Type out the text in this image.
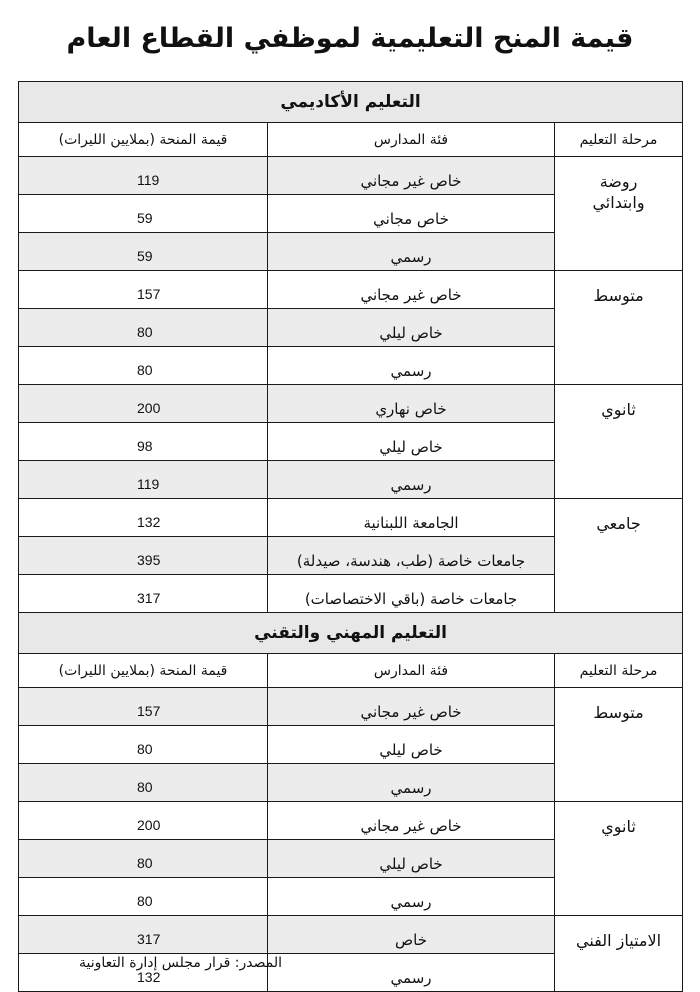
قيمة المنح التعليمية لموظفي القطاع العام
التعليم الأكاديمي		
مرحلة التعليم	فئة المدارس	قيمة المنحة (بملايين الليرات)

روضة
وابتدائي	خاص غير مجاني	119
	خاص مجاني	59
	رسمي	59

متوسط	خاص غير مجاني	157
	خاص ليلي	80
	رسمي	80

ثانوي	خاص نهاري	200
	خاص ليلي	98
	رسمي	119

جامعي	الجامعة اللبنانية	132
	جامعات خاصة (طب، هندسة، صيدلة)	395
	جامعات خاصة (باقي الاختصاصات)	317
التعليم المهني والتقني		
مرحلة التعليم	فئة المدارس	قيمة المنحة (بملايين الليرات)

متوسط	خاص غير مجاني	157
	خاص ليلي	80
	رسمي	80

ثانوي	خاص غير مجاني	200
	خاص ليلي	80
	رسمي	80

الامتياز الفني	خاص	317
	رسمي	132
المصدر: قرار مجلس إدارة التعاونية
